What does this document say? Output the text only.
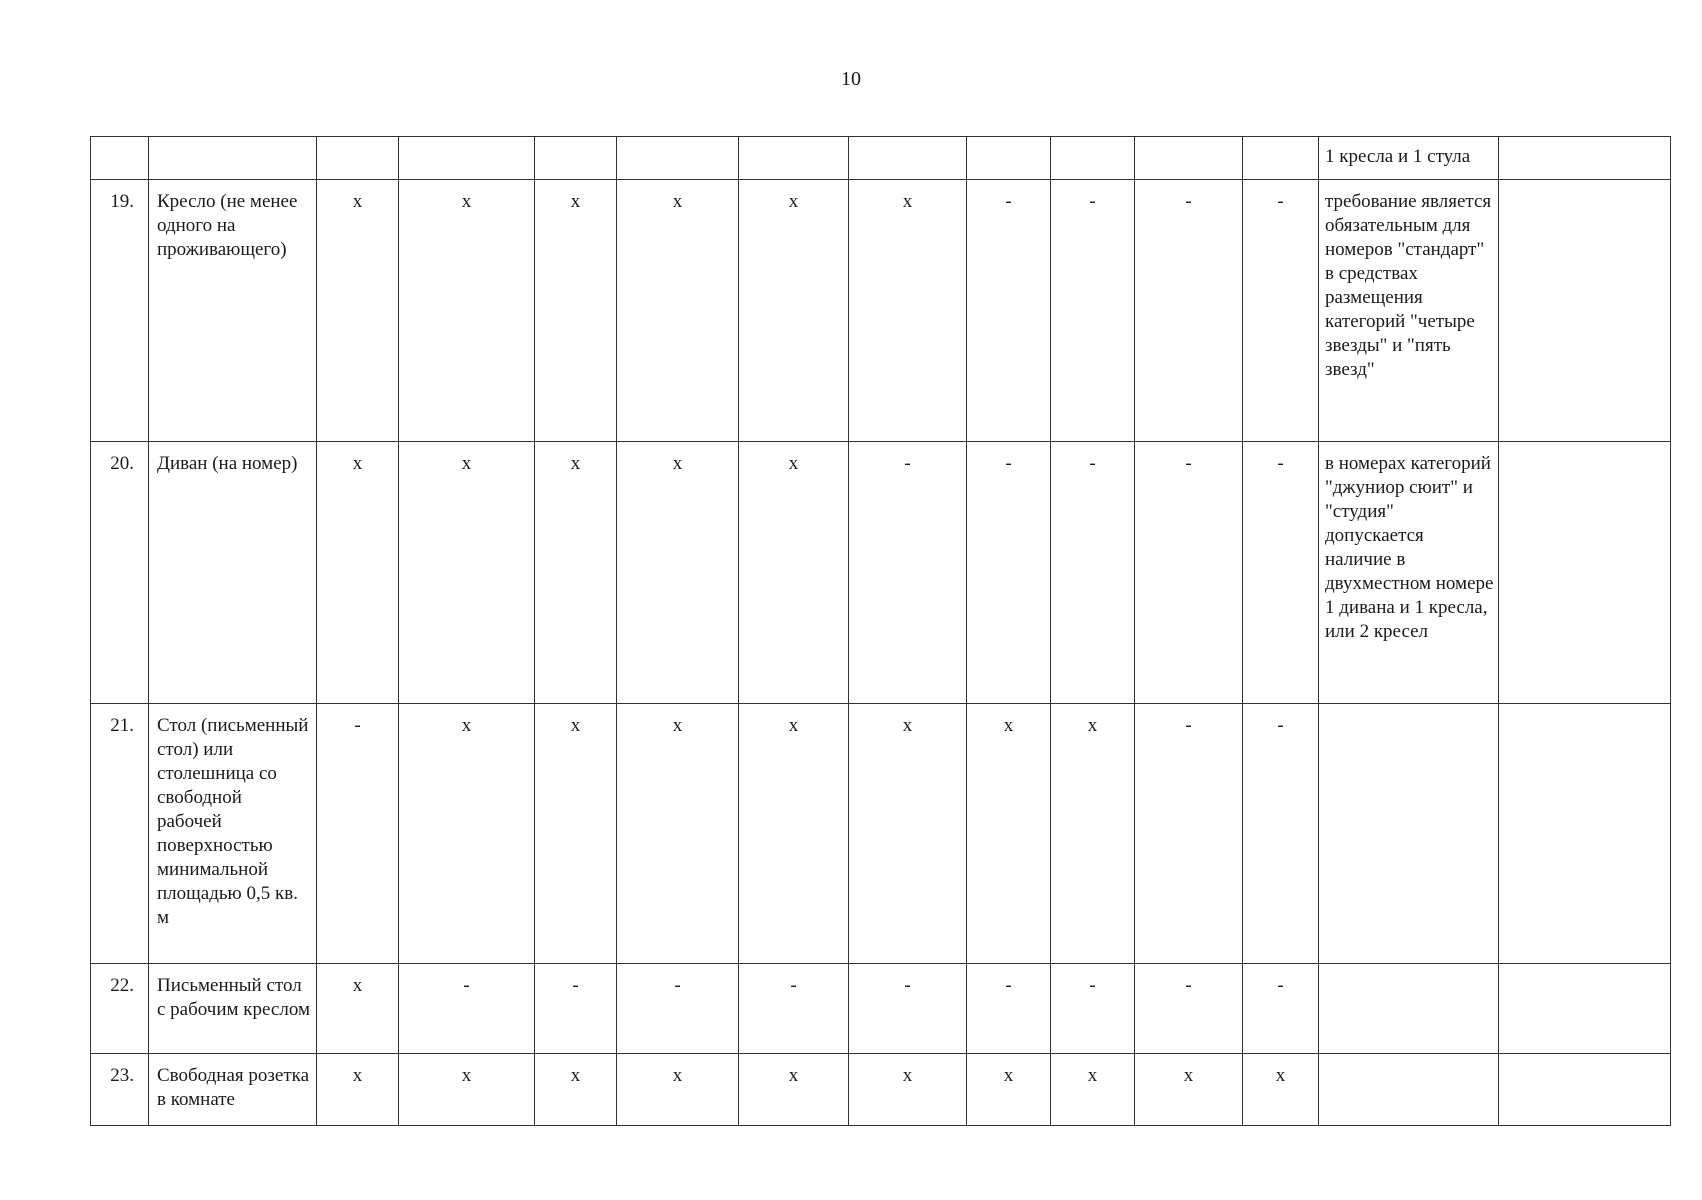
10
												1 кресла и 1 стула	
19.	Кресло (не менее одного на проживающего)	x	x	x	x	x	x	-	-	-	-	требование является обязательным для номеров "стандарт" в средствах размещения категорий "четыре звезды" и "пять звезд"	
20.	Диван (на номер)	x	x	x	x	x	-	-	-	-	-	в номерах категорий "джуниор сюит" и "студия" допускается наличие в двухместном номере 1 дивана и 1 кресла, или 2 кресел	
21.	Стол (письменный стол) или столешница со свободной рабочей поверхностью минимальной площадью 0,5 кв. м	-	x	x	x	x	x	x	x	-	-		
22.	Письменный стол с рабочим креслом	x	-	-	-	-	-	-	-	-	-		
23.	Свободная розетка в комнате	x	x	x	x	x	x	x	x	x	x		
